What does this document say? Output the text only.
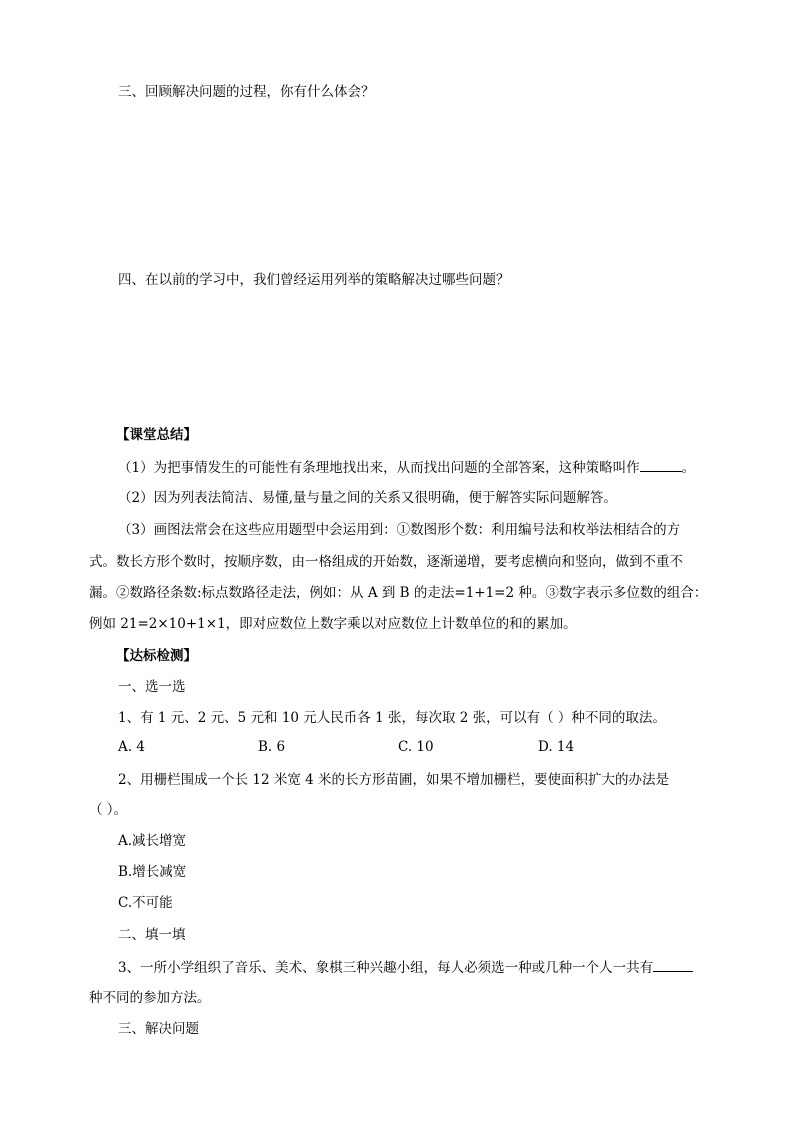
三、回顾解决问题的过程，你有什么体会？
四、在以前的学习中，我们曾经运用列举的策略解决过哪些问题？
【课堂总结】
（1）为把事情发生的可能性有条理地找出来，从而找出问题的全部答案，这种策略叫作	。
（2）因为列表法简洁、易懂,量与量之间的关系又很明确，便于解答实际问题解答。
（3）画图法常会在这些应用题型中会运用到：①数图形个数：利用编号法和枚举法相结合的方
式。数长方形个数时，按顺序数，由一格组成的开始数，逐渐递增，要考虑横向和竖向，做到不重不
漏。②数路径条数:标点数路径走法，例如：从 A 到 B 的走法=1+1=2 种。③数字表示多位数的组合：
例如 21=2×10+1×1，即对应数位上数字乘以对应数位上计数单位的和的累加。
【达标检测】
一、选一选
1、有 1 元、2 元、5 元和 10 元人民币各 1 张，每次取 2 张，可以有（ ）种不同的取法。
A. 4	B. 6	C. 10	D. 14
2、用栅栏围成一个长 12 米宽 4 米的长方形苗圃，如果不增加栅栏，要使面积扩大的办法是
（ ）。
A.减长增宽
B.增长减宽
C.不可能
二、填一填
3、一所小学组织了音乐、美术、象棋三种兴趣小组，每人必须选一种或几种一个人一共有
种不同的参加方法。
三、解决问题
